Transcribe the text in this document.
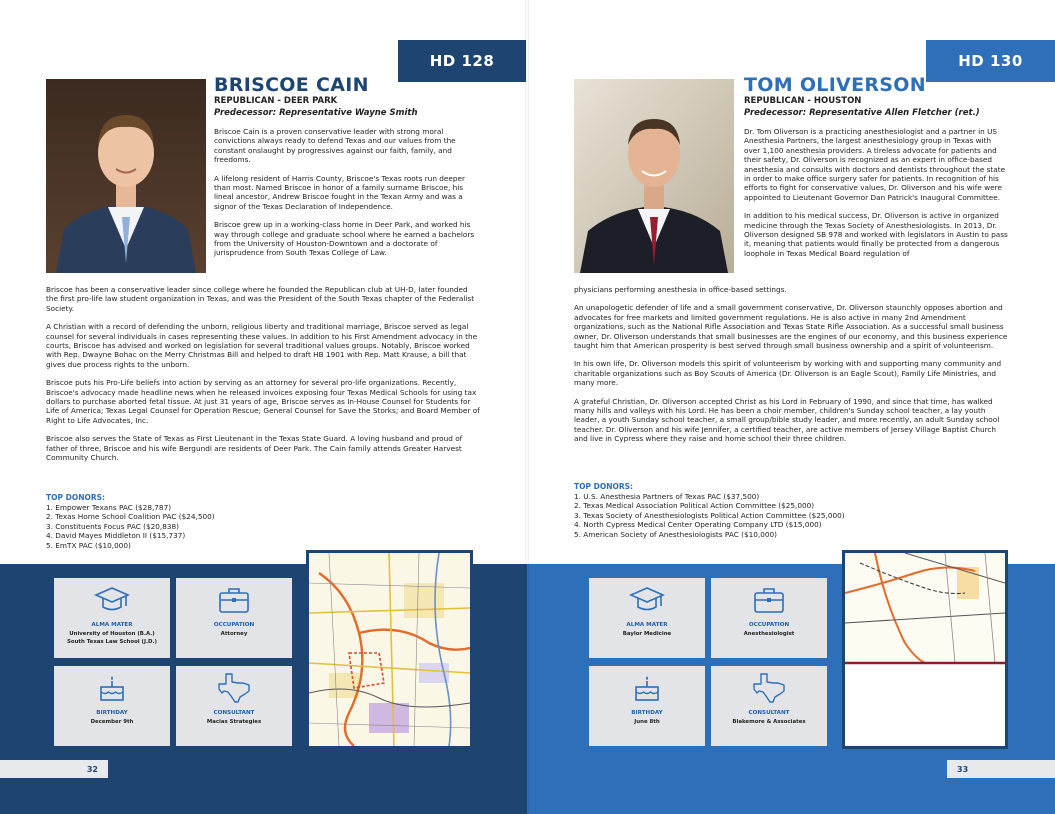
HD 128
BRISCOE CAIN
REPUBLICAN - DEER PARK
Predecessor: Representative Wayne Smith

Briscoe Cain is a proven conservative leader with strong moral convictions always ready to defend Texas and our values from the constant onslaught by progressives against our faith, family, and freedoms.

A lifelong resident of Harris County, Briscoe's Texas roots run deeper than most. Named Briscoe in honor of a family surname Briscoe, his lineal ancestor, Andrew Briscoe fought in the Texan Army and was a signor of the Texas Declaration of Independence.

Briscoe grew up in a working-class home in Deer Park, and worked his way through college and graduate school where he earned a bachelors from the University of Houston-Downtown and a doctorate of jurisprudence from South Texas College of Law.

Briscoe has been a conservative leader since college where he founded the Republican club at UH-D, later founded the first pro-life law student organization in Texas, and was the President of the South Texas chapter of the Federalist Society.

A Christian with a record of defending the unborn, religious liberty and traditional marriage, Briscoe served as legal counsel for several individuals in cases representing these values. In addition to his First Amendment advocacy in the courts, Briscoe has advised and worked on legislation for several traditional values groups. Notably, Briscoe worked with Rep. Dwayne Bohac on the Merry Christmas Bill and helped to draft HB 1901 with Rep. Matt Krause, a bill that gives due process rights to the unborn.

Briscoe puts his Pro-Life beliefs into action by serving as an attorney for several pro-life organizations. Recently, Briscoe's advocacy made headline news when he released invoices exposing four Texas Medical Schools for using tax dollars to purchase aborted fetal tissue. At just 31 years of age, Briscoe serves as In-House Counsel for Students for Life of America; Texas Legal Counsel for Operation Rescue; General Counsel for Save the Storks; and Board Member of Right to Life Advocates, Inc.

Briscoe also serves the State of Texas as First Lieutenant in the Texas State Guard. A loving husband and proud of father of three, Briscoe and his wife Bergundi are residents of Deer Park. The Cain family attends Greater Harvest Community Church.

TOP DONORS:
1. Empower Texans PAC ($28,787)
2. Texas Home School Coalition PAC ($24,500)
3. Constituents Focus PAC ($20,838)
4. David Mayes Middleton II ($15,737)
5. EmTX PAC ($10,000)
ALMA MATER
University of Houston (B.A.)
South Texas Law School (J.D.)
OCCUPATION
Attorney
BIRTHDAY
December 9th
CONSULTANT
Macias Strategies
32
HD 130
TOM OLIVERSON
REPUBLICAN - HOUSTON
Predecessor: Representative Allen Fletcher (ret.)

Dr. Tom Oliverson is a practicing anesthesiologist and a partner in US Anesthesia Partners, the largest anesthesiology group in Texas with over 1,100 anesthesia providers. A tireless advocate for patients and their safety, Dr. Oliverson is recognized as an expert in office-based anesthesia and consults with doctors and dentists throughout the state in order to make office surgery safer for patients. In recognition of his efforts to fight for conservative values, Dr. Oliverson and his wife were appointed to Lieutenant Governor Dan Patrick's Inaugural Committee.

In addition to his medical success, Dr. Oliverson is active in organized medicine through the Texas Society of Anesthesiologists. In 2013, Dr. Oliverson designed SB 978 and worked with legislators in Austin to pass it, meaning that patients would finally be protected from a dangerous loophole in Texas Medical Board regulation of

physicians performing anesthesia in office-based settings.

An unapologetic defender of life and a small government conservative, Dr. Oliverson staunchly opposes abortion and advocates for free markets and limited government regulations. He is also active in many 2nd Amendment organizations, such as the National Rifle Association and Texas State Rifle Association. As a successful small business owner, Dr. Oliverson understands that small businesses are the engines of our economy, and this business experience taught him that American prosperity is best served through small business ownership and a spirit of volunteerism.

In his own life, Dr. Oliverson models this spirit of volunteerism by working with and supporting many community and charitable organizations such as Boy Scouts of America (Dr. Oliverson is an Eagle Scout), Family Life Ministries, and many more.

A grateful Christian, Dr. Oliverson accepted Christ as his Lord in February of 1990, and since that time, has walked many hills and valleys with his Lord. He has been a choir member, children's Sunday school teacher, a lay youth leader, a youth Sunday school teacher, a small group/bible study leader, and more recently, an adult Sunday school teacher. Dr. Oliverson and his wife Jennifer, a certified teacher, are active members of Jersey Village Baptist Church and live in Cypress where they raise and home school their three children.

TOP DONORS:
1. U.S. Anesthesia Partners of Texas PAC ($37,500)
2. Texas Medical Association Political Action Committee ($25,000)
3. Texas Society of Anesthesiologists Political Action Committee ($25,000)
4. North Cypress Medical Center Operating Company LTD ($15,000)
5. American Society of Anesthesiologists PAC ($10,000)
ALMA MATER
Baylor Medicine
OCCUPATION
Anesthesiologist
BIRTHDAY
June 8th
CONSULTANT
Blakemore & Associates
33
